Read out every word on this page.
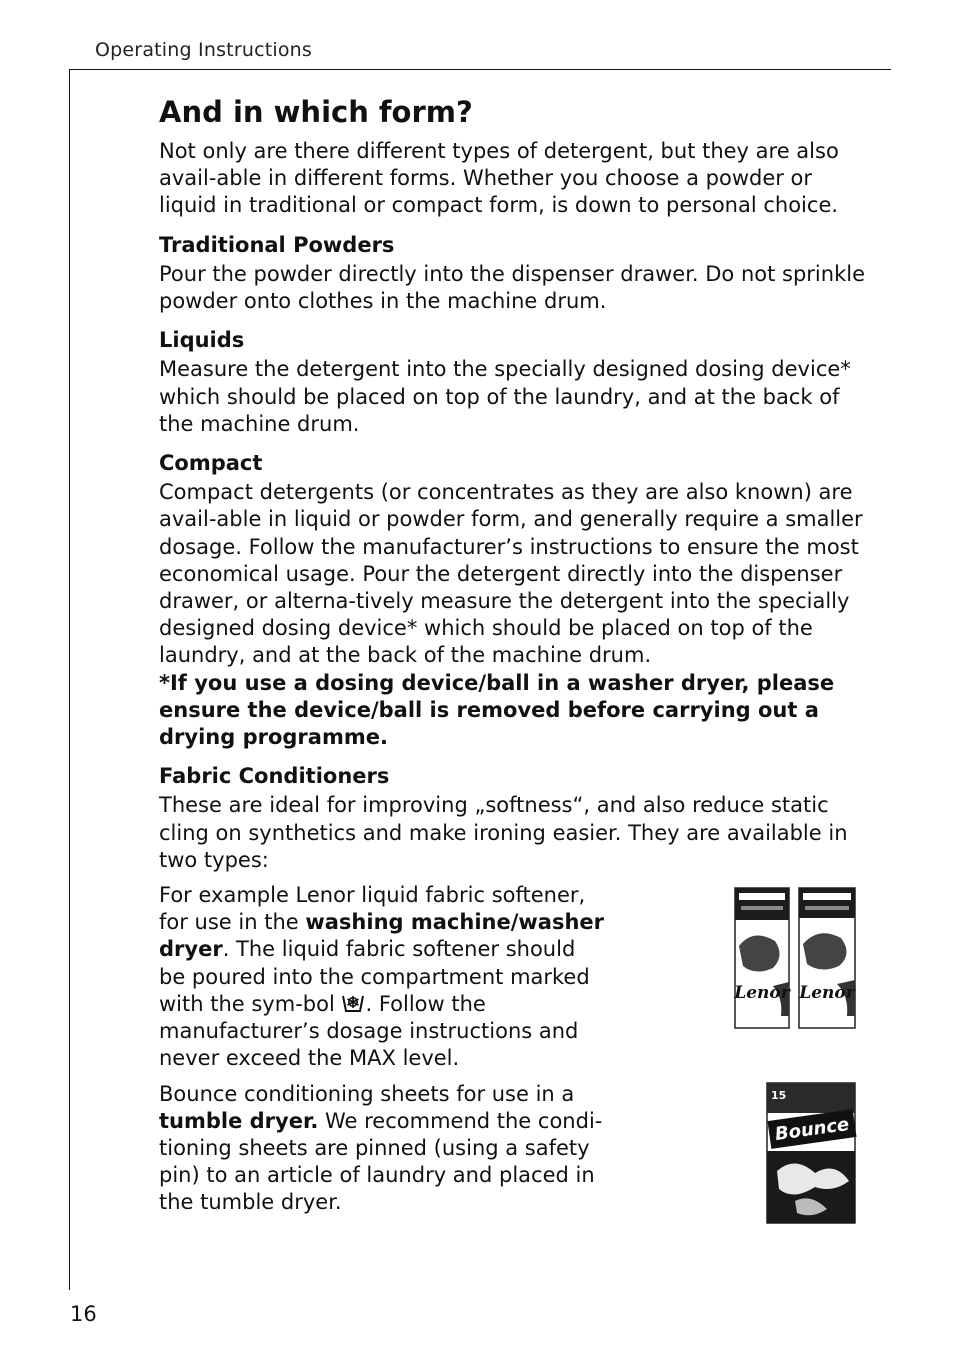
Operating Instructions
And in which form?

Not only are there different types of detergent, but they are also avail-able in different forms. Whether you choose a powder or liquid in traditional or compact form, is down to personal choice.

Traditional Powders

Pour the powder directly into the dispenser drawer. Do not sprinkle powder onto clothes in the machine drum.

Liquids

Measure the detergent into the specially designed dosing device* which should be placed on top of the laundry, and at the back of the machine drum.

Compact

Compact detergents (or concentrates as they are also known) are avail-able in liquid or powder form, and generally require a smaller dosage. Follow the manufacturer’s instructions to ensure the most economical usage. Pour the detergent directly into the dispenser drawer, or alterna-tively measure the detergent into the specially designed dosing device* which should be placed on top of the laundry, and at the back of the machine drum.

*If you use a dosing device/ball in a washer dryer, please ensure the device/ball is removed before carrying out a drying programme.

Fabric Conditioners

These are ideal for improving „softness“, and also reduce static cling on synthetics and make ironing easier. They are available in two types:

For example Lenor liquid fabric softener, for use in the washing machine/washer dryer. The liquid fabric softener should be poured into the compartment marked with the sym-bol . Follow the manufacturer’s dosage instructions and never exceed the MAX level.

Lenor Lenor

Bounce conditioning sheets for use in a tumble dryer. We recommend the condi-tioning sheets are pinned (using a safety pin) to an article of laundry and placed in the tumble dryer.

15
Bounce
16
